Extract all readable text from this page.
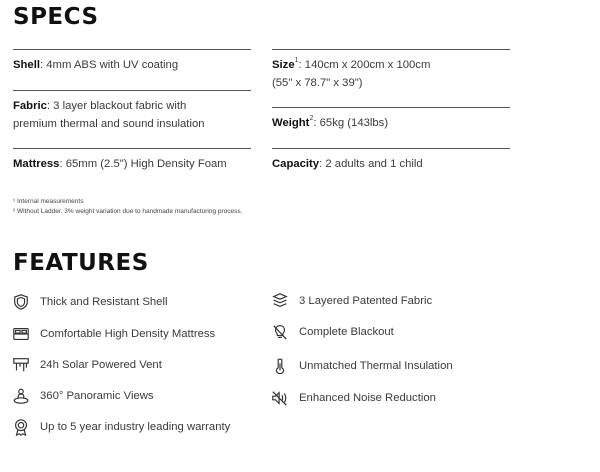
SPECS
Shell: 4mm ABS with UV coating
Fabric: 3 layer blackout fabric with
premium thermal and sound insulation
Mattress: 65mm (2.5") High Density Foam
Size$^1$: 140cm x 200cm x 100cm
(55" x 78.7" x 39")
Weight$^2$: 65kg (143lbs)
Capacity: 2 adults and 1 child
¹ Internal measurements
² Without Ladder. 3% weight variation due to handmade manufacturing process.
FEATURES
Thick and Resistant Shell
Comfortable High Density Mattress
24h Solar Powered Vent
360° Panoramic Views
Up to 5 year industry leading warranty
3 Layered Patented Fabric
Complete Blackout
Unmatched Thermal Insulation
Enhanced Noise Reduction
